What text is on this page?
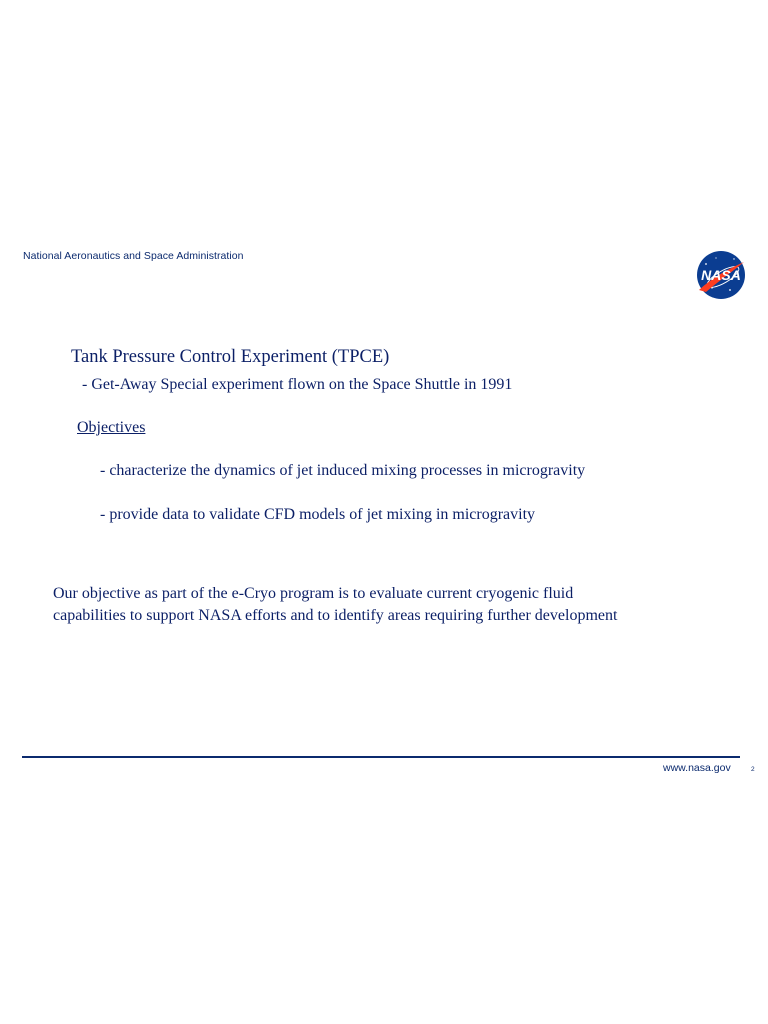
National Aeronautics and Space Administration
NASA
Tank Pressure Control Experiment (TPCE)
- Get-Away Special experiment flown on the Space Shuttle in 1991
Objectives
- characterize the dynamics of jet induced mixing processes in microgravity
- provide data to validate CFD models of jet mixing in microgravity
Our objective as part of the e-Cryo program is to evaluate current cryogenic fluid
capabilities to support NASA efforts and to identify areas requiring further development
www.nasa.gov	2
